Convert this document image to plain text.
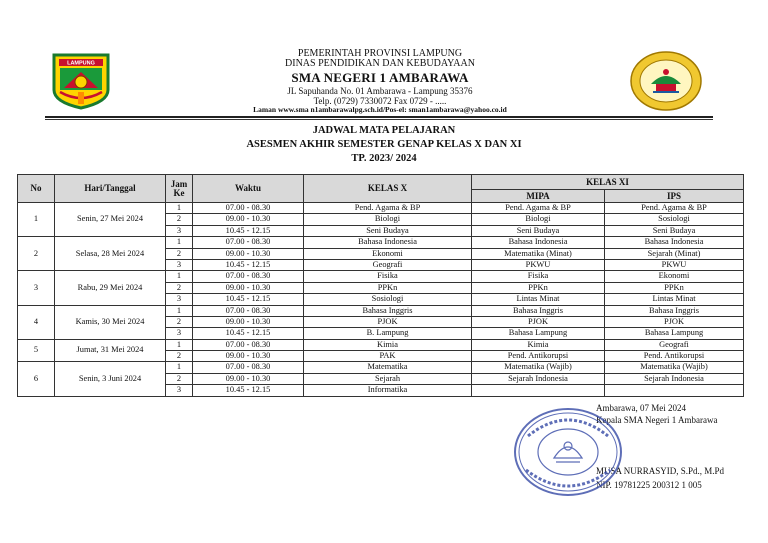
LAMPUNG
PEMERINTAH PROVINSI LAMPUNG
DINAS PENDIDIKAN DAN KEBUDAYAAN
SMA NEGERI 1 AMBARAWA
JL Sapuhanda No. 01 Ambarawa - Lampung 35376
Telp. (0729) 7330072 Fax 0729 - .....
Laman www.sma n1ambarawalpg.sch.id/Pos-el: sman1ambarawa@yahoo.co.id
JADWAL MATA PELAJARAN
ASESMEN AKHIR SEMESTER GENAP KELAS X DAN XI
TP. 2023/ 2024
No	Hari/Tanggal	Jam Ke	Waktu	KELAS X	KELAS XI	
					MIPA	IPS
1	Senin, 27 Mei 2024	1	07.00 - 08.30	Pend. Agama & BP	Pend. Agama & BP	Pend. Agama & BP
		2	09.00 - 10.30	Biologi	Biologi	Sosiologi
		3	10.45 - 12.15	Seni Budaya	Seni Budaya	Seni Budaya
2	Selasa, 28 Mei 2024	1	07.00 - 08.30	Bahasa Indonesia	Bahasa Indonesia	Bahasa Indonesia
		2	09.00 - 10.30	Ekonomi	Matematika (Minat)	Sejarah (Minat)
		3	10.45 - 12.15	Geografi	PKWU	PKWU
3	Rabu, 29 Mei 2024	1	07.00 - 08.30	Fisika	Fisika	Ekonomi
		2	09.00 - 10.30	PPKn	PPKn	PPKn
		3	10.45 - 12.15	Sosiologi	Lintas Minat	Lintas Minat
4	Kamis, 30 Mei 2024	1	07.00 - 08.30	Bahasa Inggris	Bahasa Inggris	Bahasa Inggris
		2	09.00 - 10.30	PJOK	PJOK	PJOK
		3	10.45 - 12.15	B. Lampung	Bahasa Lampung	Bahasa Lampung
5	Jumat, 31 Mei 2024	1	07.00 - 08.30	Kimia	Kimia	Geografi
		2	09.00 - 10.30	PAK	Pend. Antikorupsi	Pend. Antikorupsi
6	Senin, 3 Juni 2024	1	07.00 - 08.30	Matematika	Matematika (Wajib)	Matematika (Wajib)
		2	09.00 - 10.30	Sejarah	Sejarah Indonesia	Sejarah Indonesia
		3	10.45 - 12.15	Informatika		
Ambarawa, 07 Mei 2024
Kepala SMA Negeri 1 Ambarawa
MUSA NURRASYID, S.Pd., M.Pd
NIP. 19781225 200312 1 005
